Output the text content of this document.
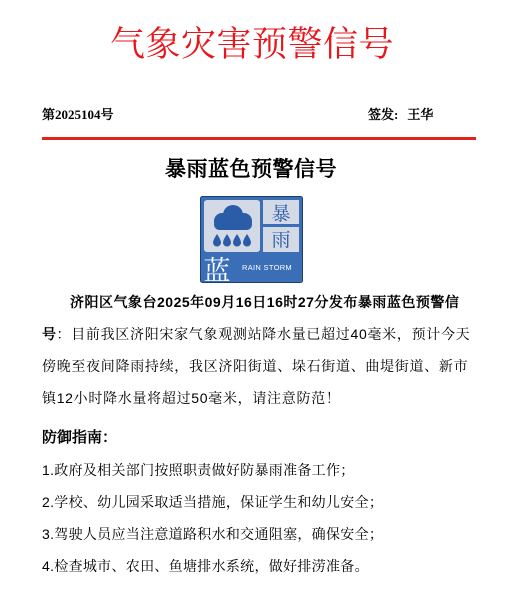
气象灾害预警信号
第2025104号	签发: 王华
暴雨蓝色预警信号
暴
雨
蓝 RAIN STORM

济阳区气象台2025年09月16日16时27分发布暴雨蓝色预警信号：目前我区济阳宋家气象观测站降水量已超过40毫米，预计今天傍晚至夜间降雨持续，我区济阳街道、垛石街道、曲堤街道、新市镇12小时降水量将超过50毫米，请注意防范！

防御指南：
1.政府及相关部门按照职责做好防暴雨准备工作；
2.学校、幼儿园采取适当措施，保证学生和幼儿安全；
3.驾驶人员应当注意道路积水和交通阻塞，确保安全；
4.检查城市、农田、鱼塘排水系统，做好排涝准备。
